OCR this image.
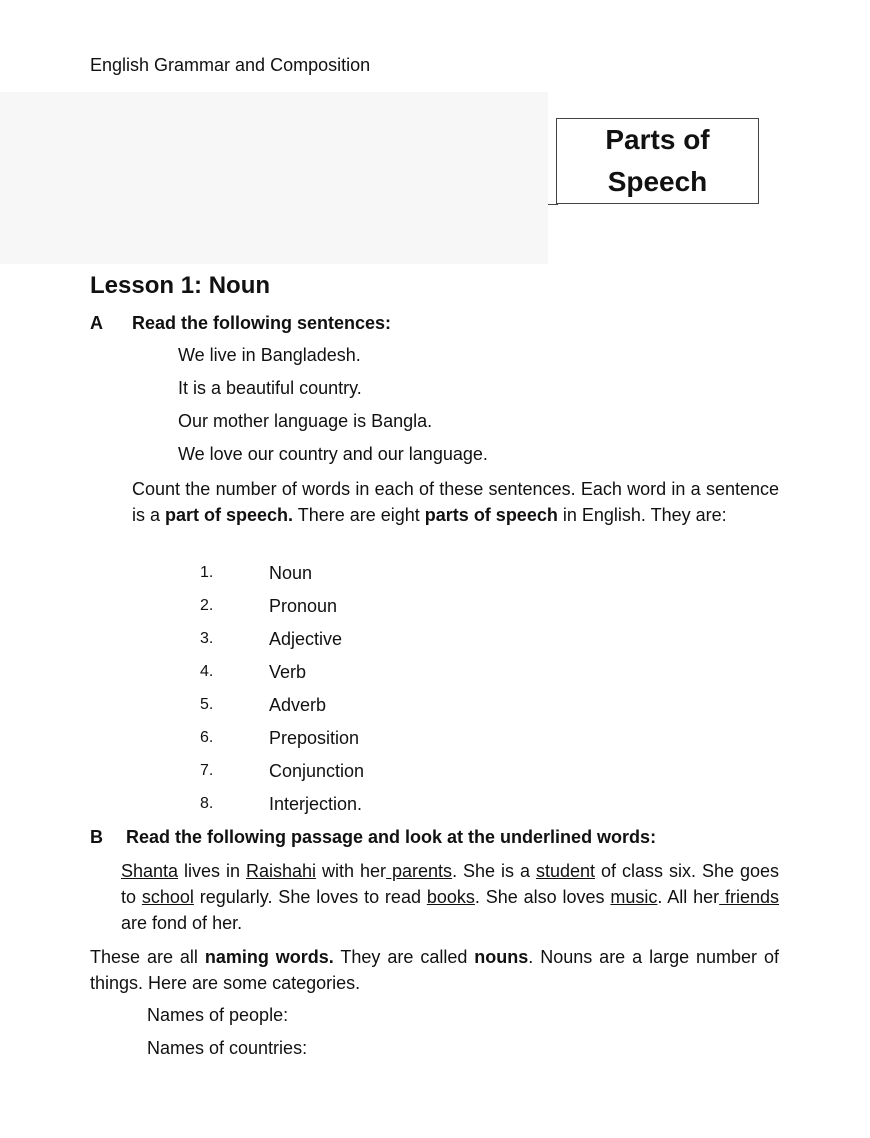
English Grammar and Composition
Parts of
Speech
Lesson 1: Noun
A Read the following sentences:
We live in Bangladesh.
It is a beautiful country.
Our mother language is Bangla.
We love our country and our language.
Count the number of words in each of these sentences. Each word in a sentence is a part of speech. There are eight parts of speech in English. They are:
1.	Noun
2.	Pronoun
3.	Adjective
4.	Verb
5.	Adverb
6.	Preposition
7.	Conjunction
8.	Interjection.
B Read the following passage and look at the underlined words:
Shanta lives in Raishahi with her parents. She is a student of class six. She goes to school regularly. She loves to read books. She also loves music. All her friends are fond of her.
These are all naming words. They are called nouns. Nouns are a large number of things. Here are some categories.
Names of people:
Names of countries:
